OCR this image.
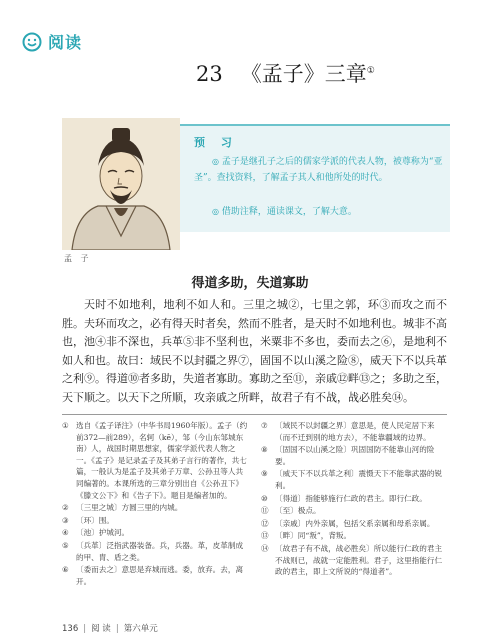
阅读
23 《孟子》三章①
孟 子
预 习
◎ 孟子是继孔子之后的儒家学派的代表人物，被尊称为“亚圣”。查找资料，了解孟子其人和他所处的时代。
◎ 借助注释，通读课文，了解大意。
得道多助，失道寡助
天时不如地利，地利不如人和。三里之城②，七里之郭，环③而攻之而不胜。夫环而攻之，必有得天时者矣，然而不胜者，是天时不如地利也。城非不高也，池④非不深也，兵革⑤非不坚利也，米粟非不多也，委而去之⑥，是地利不如人和也。故曰：域民不以封疆之界⑦，固国不以山溪之险⑧，威天下不以兵革之利⑨。得道⑩者多助，失道者寡助。寡助之至⑪，亲戚⑫畔⑬之；多助之至，天下顺之。以天下之所顺，攻亲戚之所畔，故君子有不战，战必胜矣⑭。
① 选自《孟子译注》（中华书局1960年版）。孟子（约前372—前289），名轲（kē），邹（今山东邹城东南）人，战国时期思想家，儒家学派代表人物之一。《孟子》是记录孟子及其弟子言行的著作，共七篇，一般认为是孟子及其弟子万章、公孙丑等人共同编著的。本课所选的三章分别出自《公孙丑下》《滕文公下》和《告子下》。题目是编者加的。
② 〔三里之城〕方圆三里的内城。
③ 〔环〕围。
④ 〔池〕护城河。
⑤ 〔兵革〕泛指武器装备。兵，兵器。革，皮革制成的甲、胄、盾之类。
⑥ 〔委而去之〕意思是弃城而逃。委，放弃。去，离开。
⑦ 〔域民不以封疆之界〕意思是，使人民定居下来（而不迁到别的地方去），不能靠疆域的边界。
⑧ 〔固国不以山溪之险〕巩固国防不能靠山河的险要。
⑨ 〔威天下不以兵革之利〕震慑天下不能靠武器的锐利。
⑩ 〔得道〕指能够施行仁政的君主。即行仁政。
⑪ 〔至〕极点。
⑫ 〔亲戚〕内外亲属，包括父系亲属和母系亲属。
⑬ 〔畔〕同“叛”，背叛。
⑭ 〔故君子有不战，战必胜矣〕所以能行仁政的君主不战则已，战就一定能胜利。君子，这里指能行仁政的君主，即上文所说的“得道者”。
136 | 阅 读 | 第六单元
